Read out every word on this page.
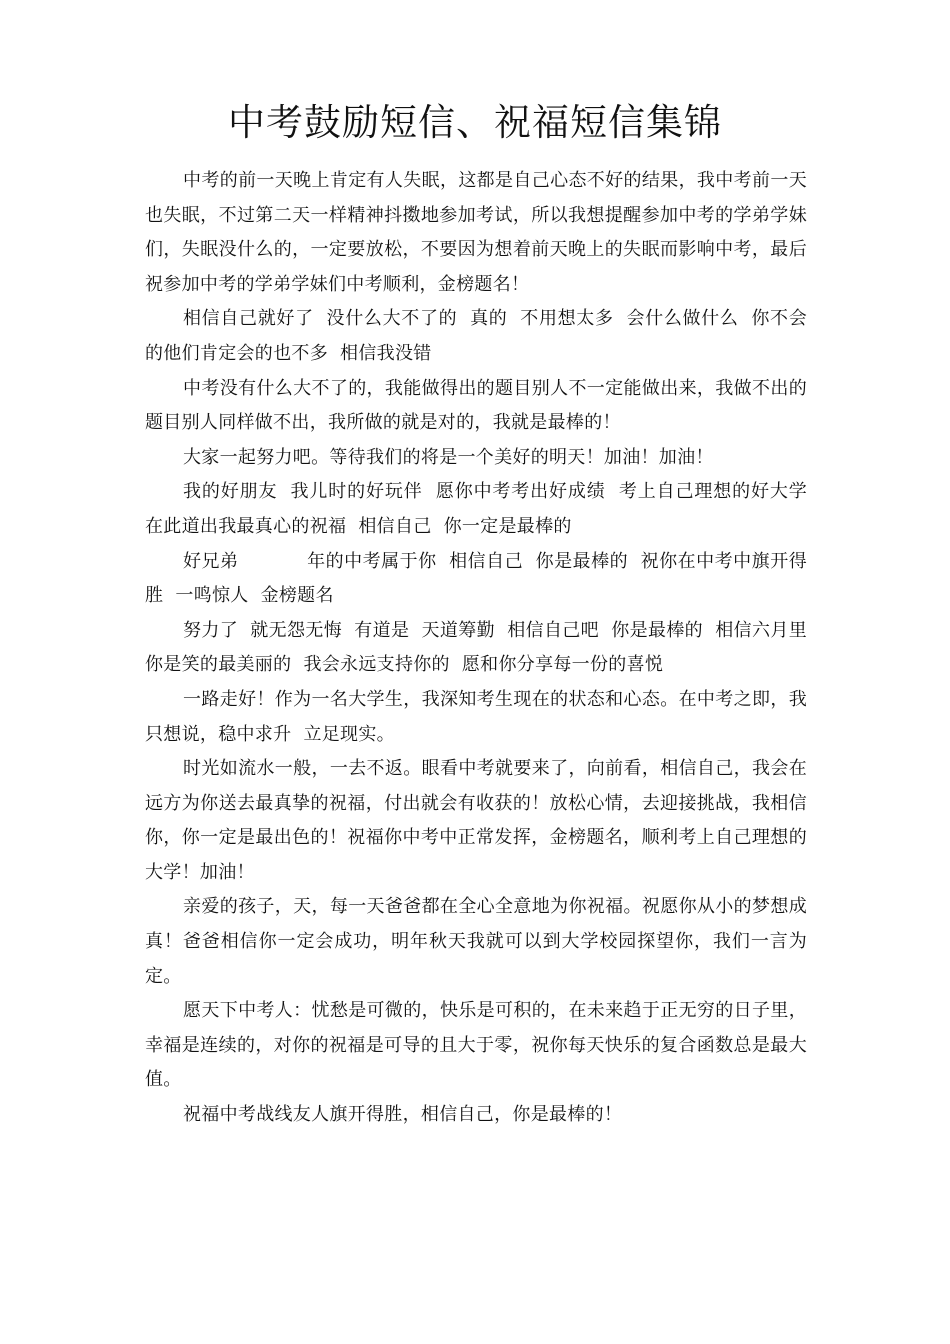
中考鼓励短信、祝福短信集锦

中考的前一天晚上肯定有人失眠，这都是自己心态不好的结果，我中考前一天也失眠，不过第二天一样精神抖擞地参加考试，所以我想提醒参加中考的学弟学妹们，失眠没什么的，一定要放松，不要因为想着前天晚上的失眠而影响中考，最后祝参加中考的学弟学妹们中考顺利，金榜题名！

相信自己就好了  没什么大不了的  真的  不用想太多  会什么做什么  你不会的他们肯定会的也不多  相信我没错

中考没有什么大不了的，我能做得出的题目别人不一定能做出来，我做不出的题目别人同样做不出，我所做的就是对的，我就是最棒的！

大家一起努力吧。等待我们的将是一个美好的明天！加油！加油！

我的好朋友  我儿时的好玩伴  愿你中考考出好成绩  考上自己理想的好大学  在此道出我最真心的祝福  相信自己  你一定是最棒的

好兄弟           年的中考属于你  相信自己  你是最棒的  祝你在中考中旗开得胜  一鸣惊人  金榜题名

努力了  就无怨无悔  有道是  天道筹勤  相信自己吧  你是最棒的  相信六月里你是笑的最美丽的  我会永远支持你的  愿和你分享每一份的喜悦

一路走好！作为一名大学生，我深知考生现在的状态和心态。在中考之即，我只想说，稳中求升  立足现实。

时光如流水一般，一去不返。眼看中考就要来了，向前看，相信自己，我会在远方为你送去最真挚的祝福，付出就会有收获的！放松心情，去迎接挑战，我相信你，你一定是最出色的！祝福你中考中正常发挥，金榜题名，顺利考上自己理想的大学！加油！

亲爱的孩子，天，每一天爸爸都在全心全意地为你祝福。祝愿你从小的梦想成真！爸爸相信你一定会成功，明年秋天我就可以到大学校园探望你，我们一言为定。

愿天下中考人：忧愁是可微的，快乐是可积的，在未来趋于正无穷的日子里，幸福是连续的，对你的祝福是可导的且大于零，祝你每天快乐的复合函数总是最大值。

祝福中考战线友人旗开得胜，相信自己，你是最棒的！
